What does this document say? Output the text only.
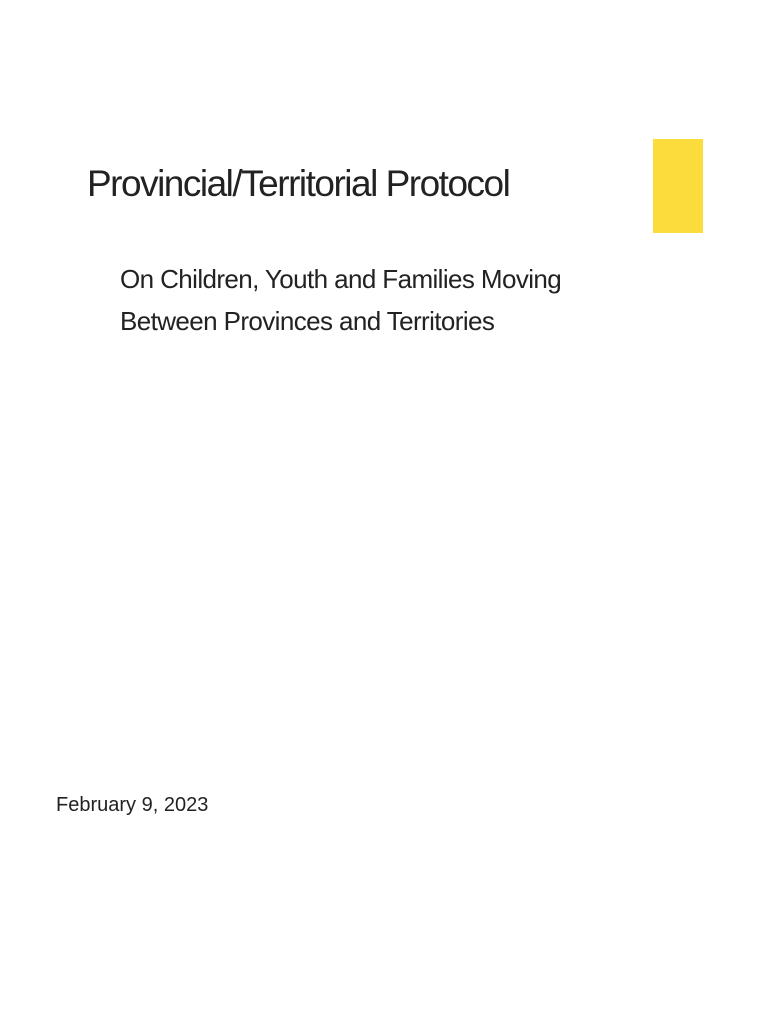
Provincial/Territorial Protocol
On Children, Youth and Families Moving
Between Provinces and Territories
February 9, 2023
